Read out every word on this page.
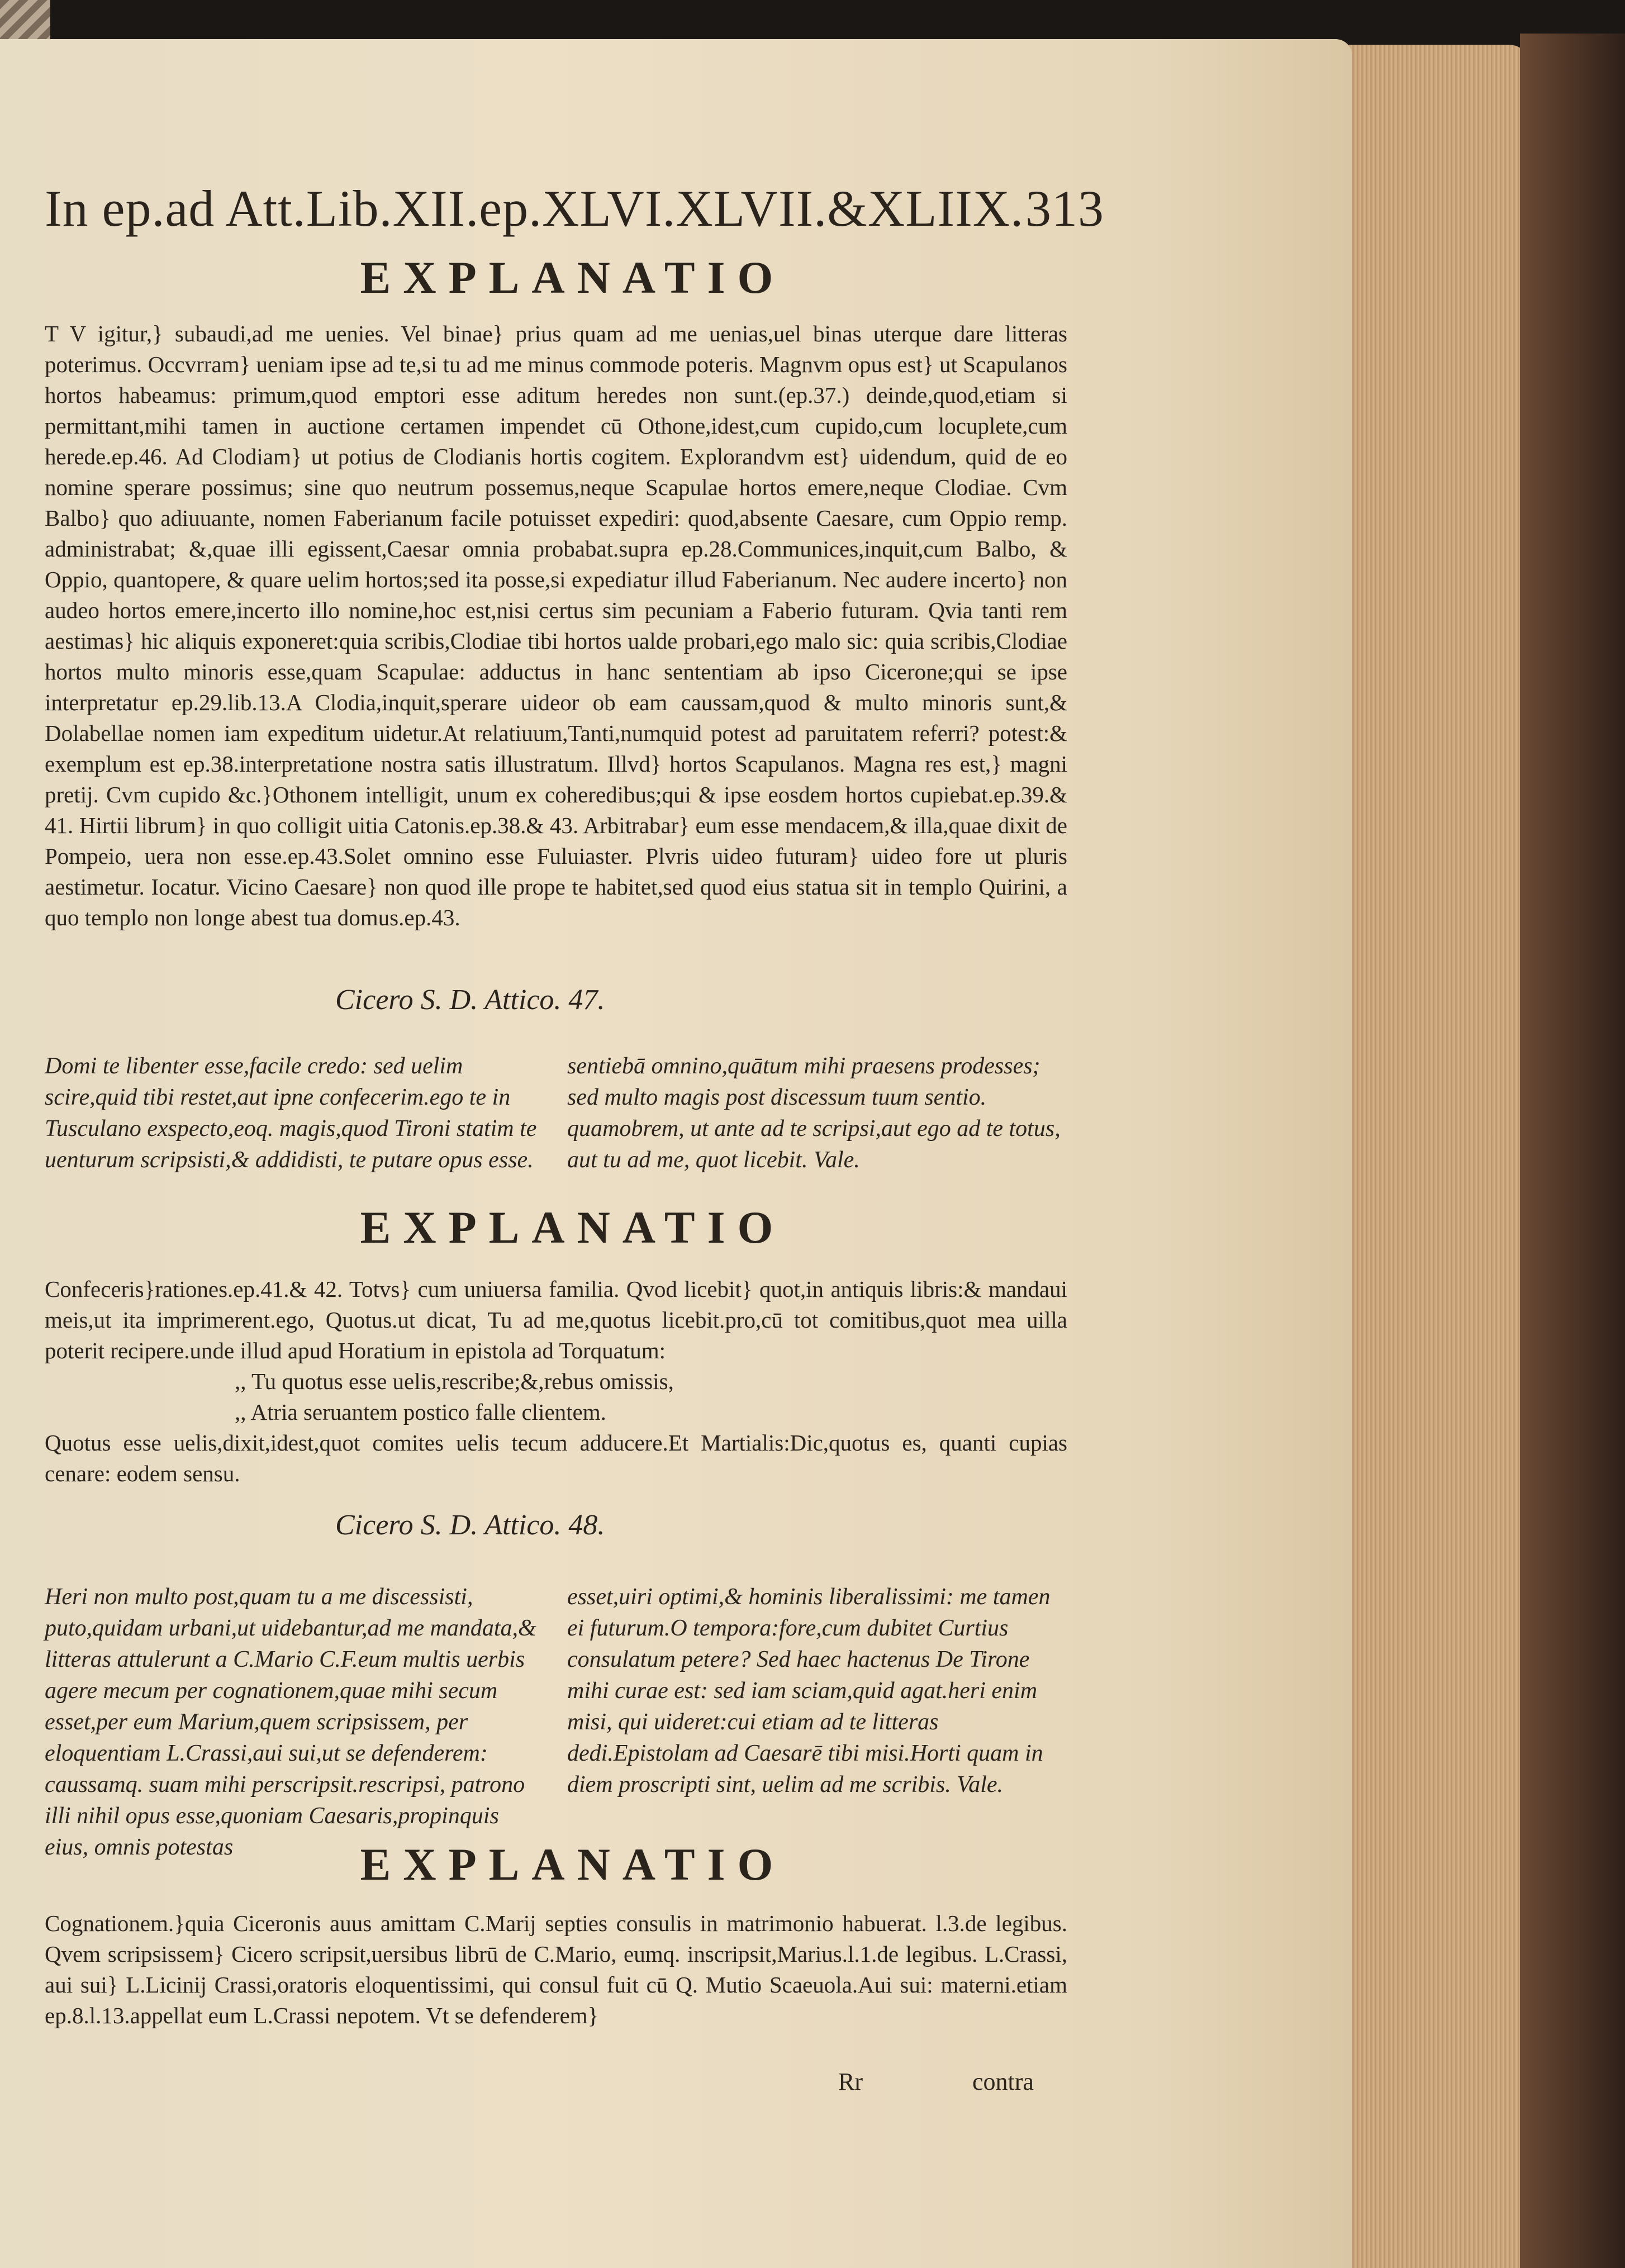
In ep.ad Att.Lib.XII.ep.XLVI.XLVII.&XLIIX. 313
EXPLANATIO

T V igitur,} subaudi,ad me uenies. Vel binae} prius quam ad me uenias,uel binas uterque dare litteras poterimus. Occvrram} ueniam ipse ad te,si tu ad me minus commode poteris. Magnvm opus est} ut Scapulanos hortos habeamus: primum,quod emptori esse aditum heredes non sunt.(ep.37.) deinde,quod,etiam si permittant,mihi tamen in auctione certamen impendet cū Othone,idest,cum cupido,cum locuplete,cum herede.ep.46. Ad Clodiam} ut potius de Clodianis hortis cogitem. Explorandvm est} uidendum, quid de eo nomine sperare possimus; sine quo neutrum possemus,neque Scapulae hortos emere,neque Clodiae. Cvm Balbo} quo adiuuante, nomen Faberianum facile potuisset expediri: quod,absente Caesare, cum Oppio remp. administrabat; &,quae illi egissent,Caesar omnia probabat.supra ep.28.Communices,inquit,cum Balbo, & Oppio, quantopere, & quare uelim hortos;sed ita posse,si expediatur illud Faberianum. Nec audere incerto} non audeo hortos emere,incerto illo nomine,hoc est,nisi certus sim pecuniam a Faberio futuram. Qvia tanti rem aestimas} hic aliquis exponeret:quia scribis,Clodiae tibi hortos ualde probari,ego malo sic: quia scribis,Clodiae hortos multo minoris esse,quam Scapulae: adductus in hanc sententiam ab ipso Cicerone;qui se ipse interpretatur ep.29.lib.13.A Clodia,inquit,sperare uideor ob eam caussam,quod & multo minoris sunt,& Dolabellae nomen iam expeditum uidetur.At relatiuum,Tanti,numquid potest ad paruitatem referri? potest:& exemplum est ep.38.interpretatione nostra satis illustratum. Illvd} hortos Scapulanos. Magna res est,} magni pretij. Cvm cupido &c.}Othonem intelligit, unum ex coheredibus;qui & ipse eosdem hortos cupiebat.ep.39.& 41. Hirtii librum} in quo colligit uitia Catonis.ep.38.& 43. Arbitrabar} eum esse mendacem,& illa,quae dixit de Pompeio, uera non esse.ep.43.Solet omnino esse Fuluiaster. Plvris uideo futuram} uideo fore ut pluris aestimetur. Iocatur. Vicino Caesare} non quod ille prope te habitet,sed quod eius statua sit in templo Quirini, a quo templo non longe abest tua domus.ep.43.

Cicero S. D. Attico. 47.
Domi te libenter esse,facile credo: sed uelim scire,quid tibi restet,aut ipne confecerim.ego te in Tusculano exspecto,eoq. magis,quod Tironi statim te uenturum scripsisti,& addidisti, te putare opus esse.
sentiebā omnino,quātum mihi praesens prodesses; sed multo magis post discessum tuum sentio. quamobrem, ut ante ad te scripsi,aut ego ad te totus, aut tu ad me, quot licebit. Vale.
EXPLANATIO

Confeceris}rationes.ep.41.& 42. Totvs} cum uniuersa familia. Qvod licebit} quot,in antiquis libris:& mandaui meis,ut ita imprimerent.ego, Quotus.ut dicat, Tu ad me,quotus licebit.pro,cū tot comitibus,quot mea uilla poterit recipere.unde illud apud Horatium in epistola ad Torquatum:

,, Tu quotus esse uelis,rescribe;&,rebus omissis,

,, Atria seruantem postico falle clientem.

Quotus esse uelis,dixit,idest,quot comites uelis tecum adducere.Et Martialis:Dic,quotus es, quanti cupias cenare: eodem sensu.

Cicero S. D. Attico. 48.
Heri non multo post,quam tu a me discessisti, puto,quidam urbani,ut uidebantur,ad me mandata,& litteras attulerunt a C.Mario C.F.eum multis uerbis agere mecum per cognationem,quae mihi secum esset,per eum Marium,quem scripsissem, per eloquentiam L.Crassi,aui sui,ut se defenderem: caussamq. suam mihi perscripsit.rescripsi, patrono illi nihil opus esse,quoniam Caesaris,propinquis eius, omnis potestas
esset,uiri optimi,& hominis liberalissimi: me tamen ei futurum.O tempora:fore,cum dubitet Curtius consulatum petere? Sed haec hactenus De Tirone mihi curae est: sed iam sciam,quid agat.heri enim misi, qui uideret:cui etiam ad te litteras dedi.Epistolam ad Caesarē tibi misi.Horti quam in diem proscripti sint, uelim ad me scribis. Vale.
EXPLANATIO

Cognationem.}quia Ciceronis auus amittam C.Marij septies consulis in matrimonio habuerat. l.3.de legibus. Qvem scripsissem} Cicero scripsit,uersibus librū de C.Mario, eumq. inscripsit,Marius.l.1.de legibus. L.Crassi, aui sui} L.Licinij Crassi,oratoris eloquentissimi, qui consul fuit cū Q. Mutio Scaeuola.Aui sui: materni.etiam ep.8.l.13.appellat eum L.Crassi nepotem. Vt se defenderem}

Rr	contra
